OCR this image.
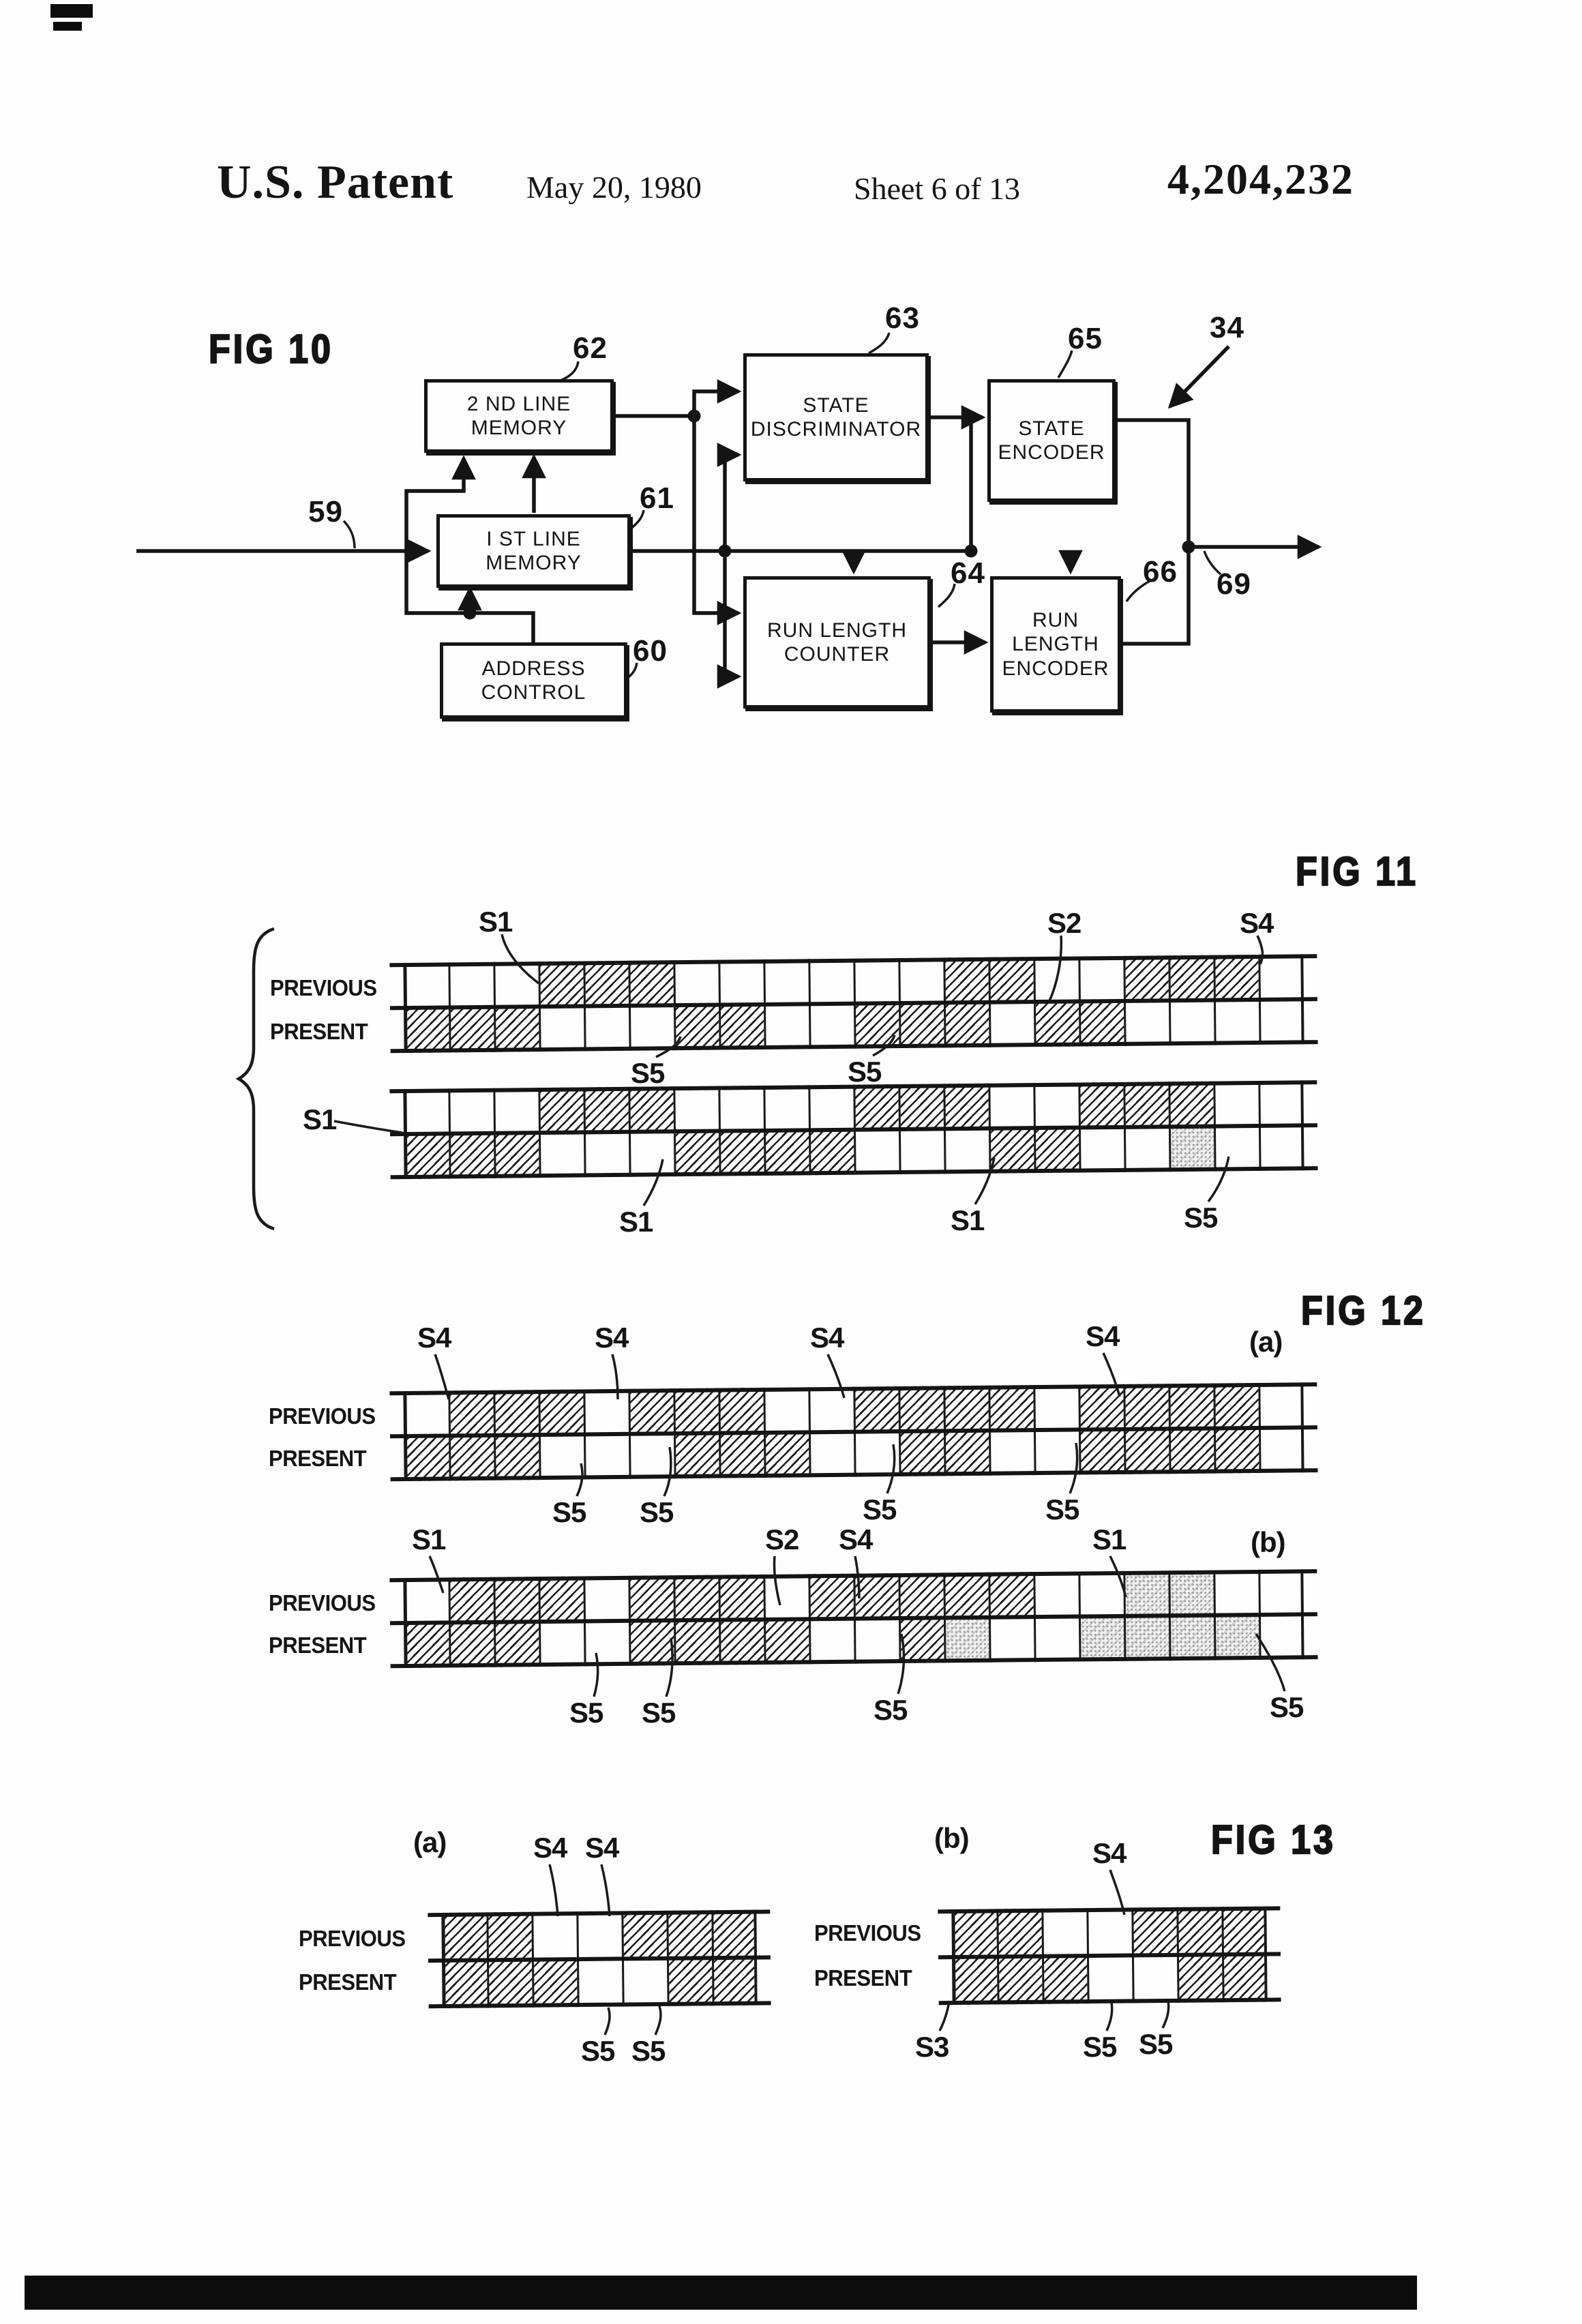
U.S. Patent May 20, 1980	Sheet 6 of 13	4,204,232
FIG 10
FIG 11
FIG 12
FIG 13
2 ND LINE
MEMORY
I ST LINE
MEMORY
ADDRESS
CONTROL
STATE
DISCRIMINATOR
RUN LENGTH
COUNTER
STATE
ENCODER
RUN
LENGTH
ENCODER
59
62
61
60
63
64
65
66 69
34
PREVIOUS
PRESENT
PREVIOUS
PRESENT
PREVIOUS
PRESENT
PREVIOUS
PRESENT
PREVIOUS
PRESENT
S1	S2	S4
S5	S5
S1
S1	S1	S5
S4	S4	S4	S4	(a)
S5 S5	S5	S5
S1	S2 S4	S1	(b)
S5 S5	S5	S5
(a)	S4 S4
S5 S5
(b)	S4
S3	S5 S5
